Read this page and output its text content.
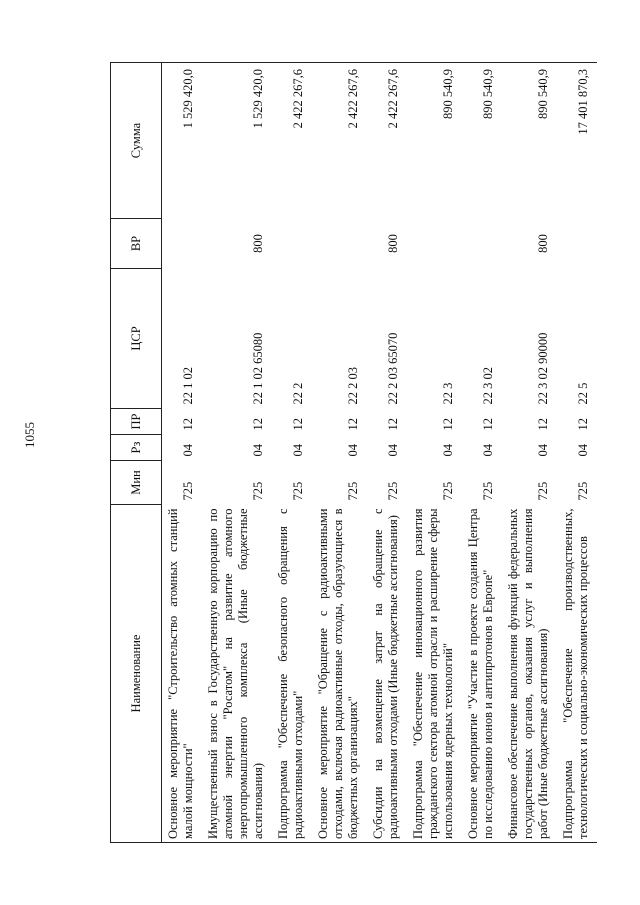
1055
Наименование	Мин	Рз	ПР	ЦСР	ВР	Сумма
Основное мероприятие "Строительство атомных станций малой мощности"	725	04	12	22 1 02		1 529 420,0
Имущественный взнос в Государственную корпорацию по атомной энергии "Росатом" на развитие атомного энергопромышленного комплекса (Иные бюджетные ассигнования)	725	04	12	22 1 02 65080	800	1 529 420,0
Подпрограмма "Обеспечение безопасного обращения с радиоактивными отходами"	725	04	12	22 2		2 422 267,6
Основное мероприятие "Обращение с радиоактивными отходами, включая радиоактивные отходы, образующиеся в бюджетных организациях"	725	04	12	22 2 03		2 422 267,6
Субсидии на возмещение затрат на обращение с радиоактивными отходами (Иные бюджетные ассигнования)	725	04	12	22 2 03 65070	800	2 422 267,6
Подпрограмма "Обеспечение инновационного развития гражданского сектора атомной отрасли и расширение сферы использования ядерных технологий"	725	04	12	22 3		890 540,9
Основное мероприятие "Участие в проекте создания Центра по исследованию ионов и антипротонов в Европе"	725	04	12	22 3 02		890 540,9
Финансовое обеспечение выполнения функций федеральных государственных органов, оказания услуг и выполнения работ (Иные бюджетные ассигнования)	725	04	12	22 3 02 90000	800	890 540,9
Подпрограмма "Обеспечение производственных, технологических и социально-экономических процессов	725	04	12	22 5		17 401 870,3
